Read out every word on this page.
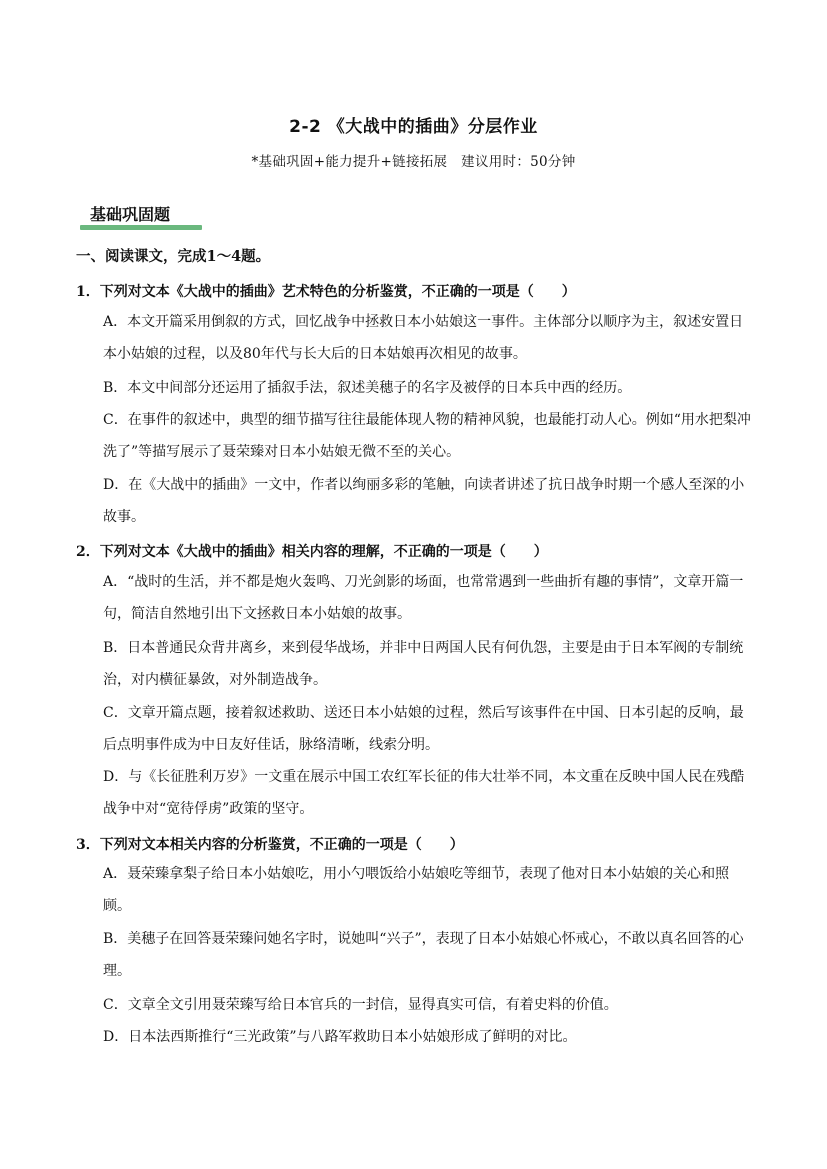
2-2 《大战中的插曲》分层作业
*基础巩固+能力提升+链接拓展　建议用时：50分钟
基础巩固题
一、阅读课文，完成1～4题。
1．下列对文本《大战中的插曲》艺术特色的分析鉴赏，不正确的一项是（　　）
A．本文开篇采用倒叙的方式，回忆战争中拯救日本小姑娘这一事件。主体部分以顺序为主，叙述安置日本小姑娘的过程，以及80年代与长大后的日本姑娘再次相见的故事。
B．本文中间部分还运用了插叙手法，叙述美穗子的名字及被俘的日本兵中西的经历。
C．在事件的叙述中，典型的细节描写往往最能体现人物的精神风貌，也最能打动人心。例如“用水把梨冲洗了”等描写展示了聂荣臻对日本小姑娘无微不至的关心。
D．在《大战中的插曲》一文中，作者以绚丽多彩的笔触，向读者讲述了抗日战争时期一个感人至深的小故事。
2．下列对文本《大战中的插曲》相关内容的理解，不正确的一项是（　　）
A．“战时的生活，并不都是炮火轰鸣、刀光剑影的场面，也常常遇到一些曲折有趣的事情”，文章开篇一句，简洁自然地引出下文拯救日本小姑娘的故事。
B．日本普通民众背井离乡，来到侵华战场，并非中日两国人民有何仇怨，主要是由于日本军阀的专制统治，对内横征暴敛，对外制造战争。
C．文章开篇点题，接着叙述救助、送还日本小姑娘的过程，然后写该事件在中国、日本引起的反响，最后点明事件成为中日友好佳话，脉络清晰，线索分明。
D．与《长征胜利万岁》一文重在展示中国工农红军长征的伟大壮举不同，本文重在反映中国人民在残酷战争中对“宽待俘虏”政策的坚守。
3．下列对文本相关内容的分析鉴赏，不正确的一项是（　　）
A．聂荣臻拿梨子给日本小姑娘吃，用小勺喂饭给小姑娘吃等细节，表现了他对日本小姑娘的关心和照顾。
B．美穗子在回答聂荣臻问她名字时，说她叫“兴子”，表现了日本小姑娘心怀戒心，不敢以真名回答的心理。
C．文章全文引用聂荣臻写给日本官兵的一封信，显得真实可信，有着史料的价值。
D．日本法西斯推行“三光政策”与八路军救助日本小姑娘形成了鲜明的对比。
